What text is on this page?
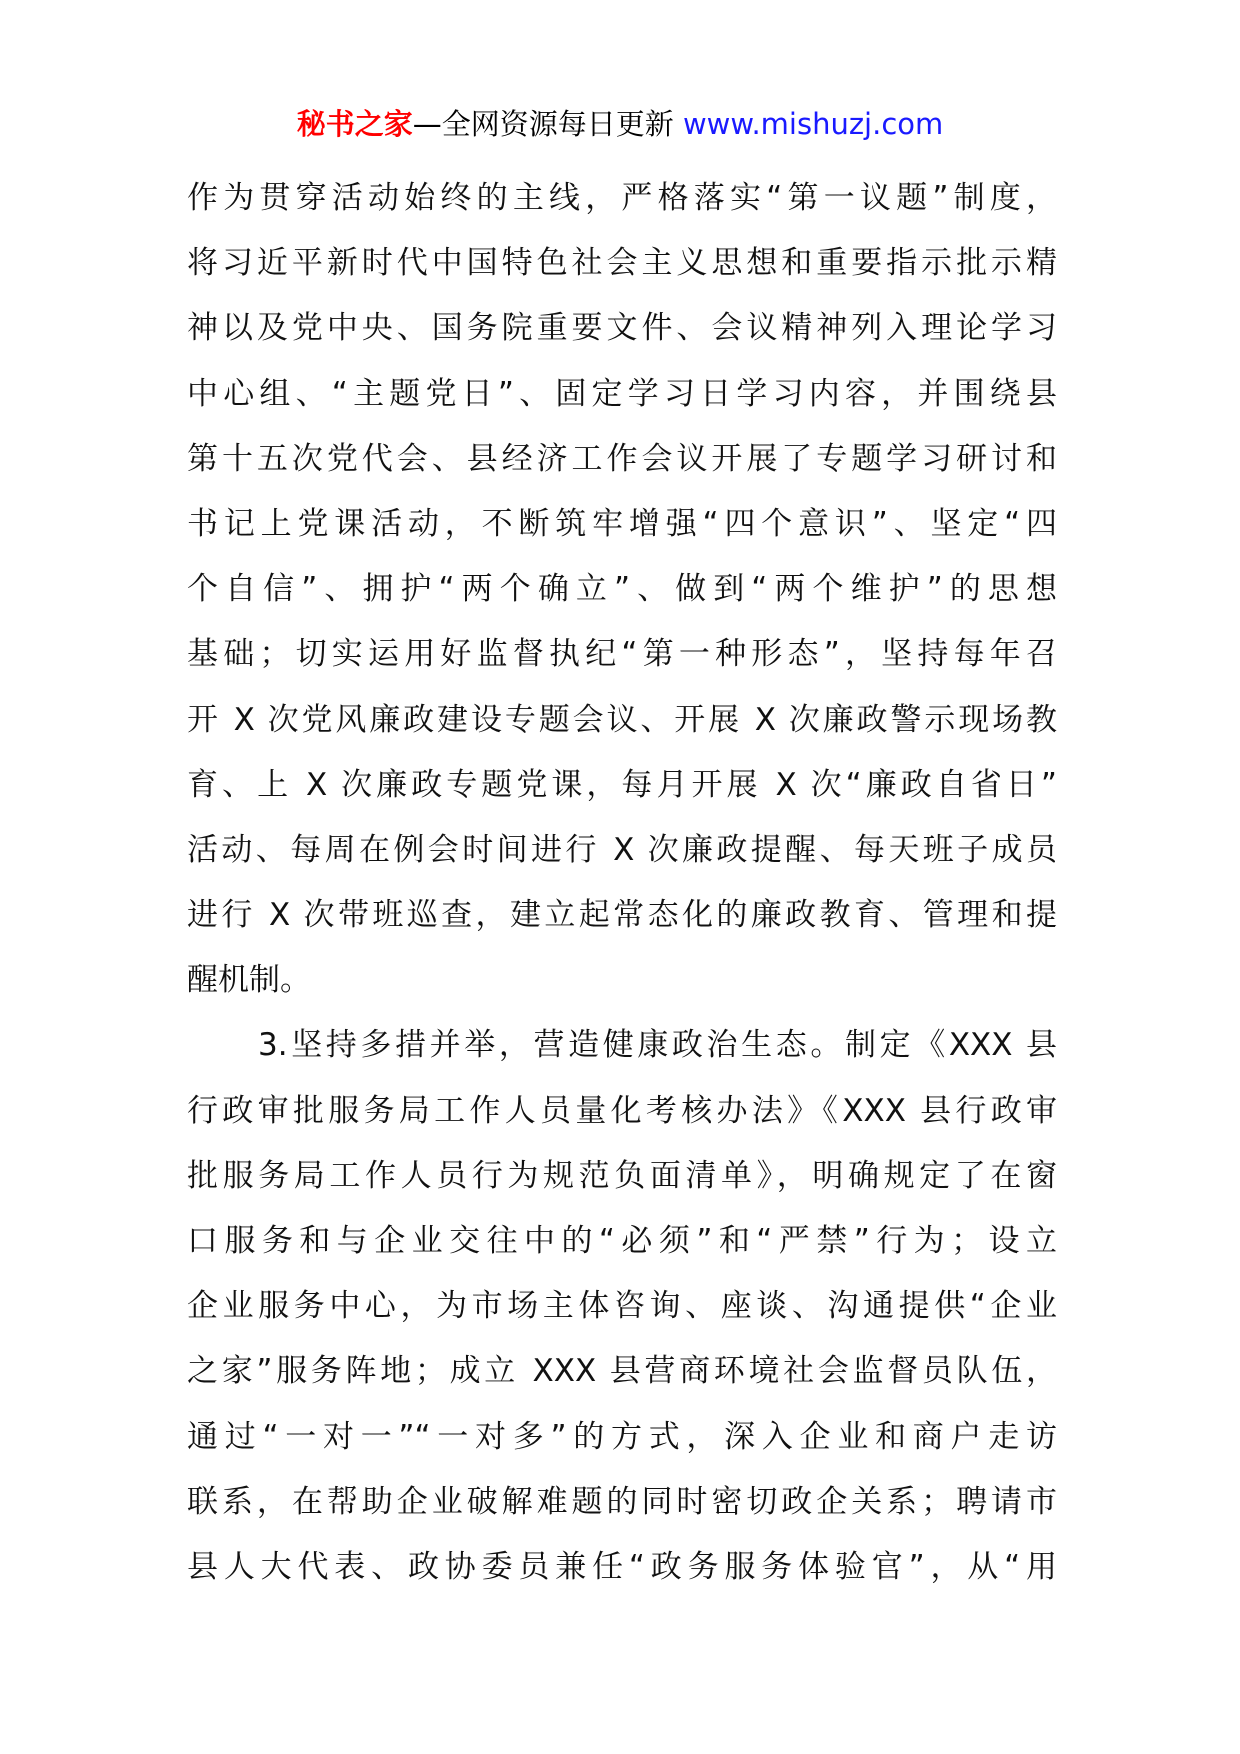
秘书之家—全网资源每日更新 www.mishuzj.com
作为贯穿活动始终的主线，严格落实“第一议题”制度，
将习近平新时代中国特色社会主义思想和重要指示批示精
神以及党中央、国务院重要文件、会议精神列入理论学习
中心组、“主题党日”、固定学习日学习内容，并围绕县
第十五次党代会、县经济工作会议开展了专题学习研讨和
书记上党课活动，不断筑牢增强“四个意识”、坚定“四
个自信”、拥护“两个确立”、做到“两个维护”的思想
基础；切实运用好监督执纪“第一种形态”，坚持每年召
开 X 次党风廉政建设专题会议、开展 X 次廉政警示现场教
育、上 X 次廉政专题党课，每月开展 X 次“廉政自省日”
活动、每周在例会时间进行 X 次廉政提醒、每天班子成员
进行 X 次带班巡查，建立起常态化的廉政教育、管理和提
醒机制。
3.坚持多措并举，营造健康政治生态。制定《XXX 县
行政审批服务局工作人员量化考核办法》《XXX 县行政审
批服务局工作人员行为规范负面清单》，明确规定了在窗
口服务和与企业交往中的“必须”和“严禁”行为；设立
企业服务中心，为市场主体咨询、座谈、沟通提供“企业
之家”服务阵地；成立 XXX 县营商环境社会监督员队伍，
通过“一对一”“一对多”的方式，深入企业和商户走访
联系，在帮助企业破解难题的同时密切政企关系；聘请市
县人大代表、政协委员兼任“政务服务体验官”，从“用
